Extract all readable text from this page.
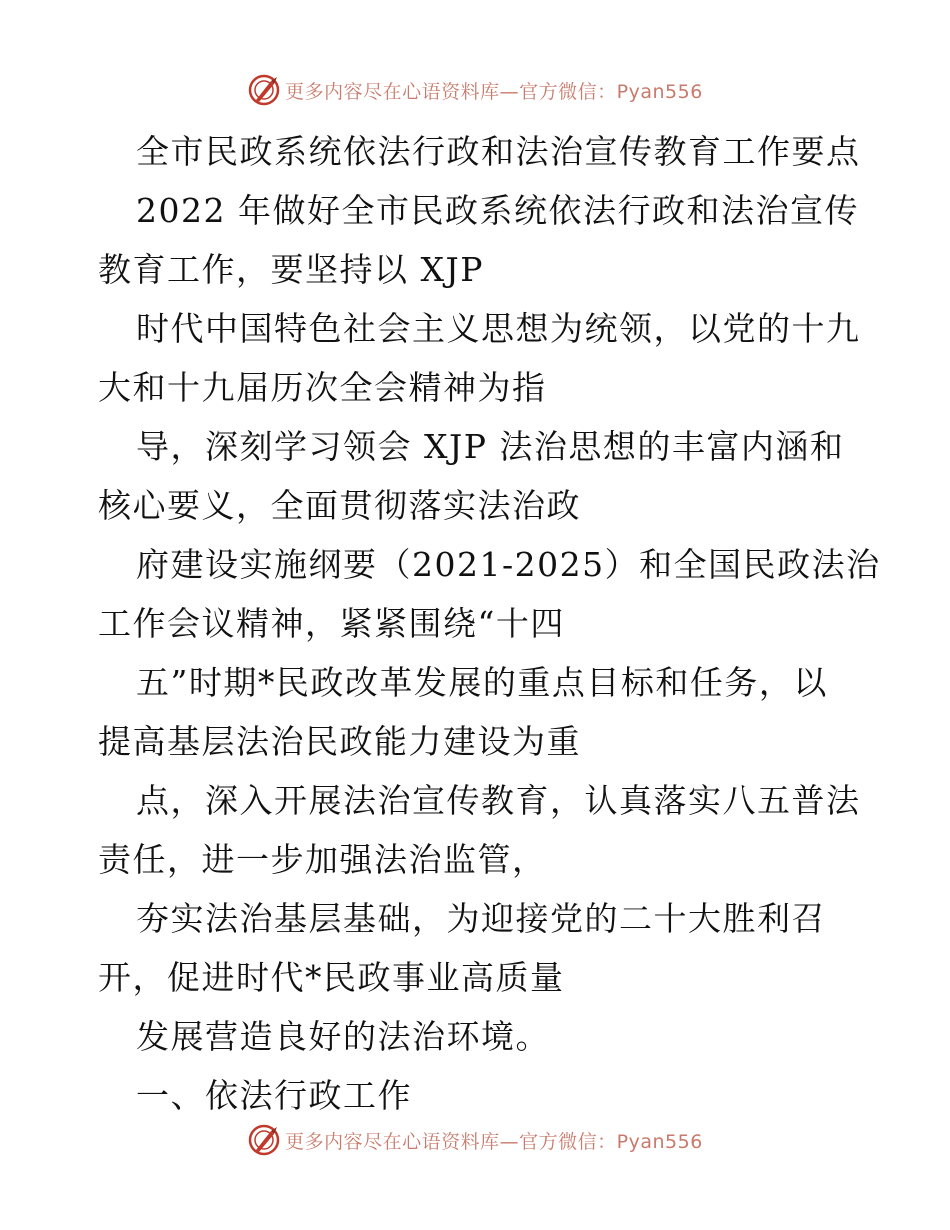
更多内容尽在心语资料库—官方微信：Pyan556
全市民政系统依法行政和法治宣传教育工作要点
2022 年做好全市民政系统依法行政和法治宣传
教育工作，要坚持以 XJP
时代中国特色社会主义思想为统领，以党的十九
大和十九届历次全会精神为指
导，深刻学习领会 XJP 法治思想的丰富内涵和
核心要义，全面贯彻落实法治政
府建设实施纲要（2021-2025）和全国民政法治
工作会议精神，紧紧围绕“十四
五”时期*民政改革发展的重点目标和任务，以
提高基层法治民政能力建设为重
点，深入开展法治宣传教育，认真落实八五普法
责任，进一步加强法治监管，
夯实法治基层基础，为迎接党的二十大胜利召
开，促进时代*民政事业高质量
发展营造良好的法治环境。
一、依法行政工作
更多内容尽在心语资料库—官方微信：Pyan556
